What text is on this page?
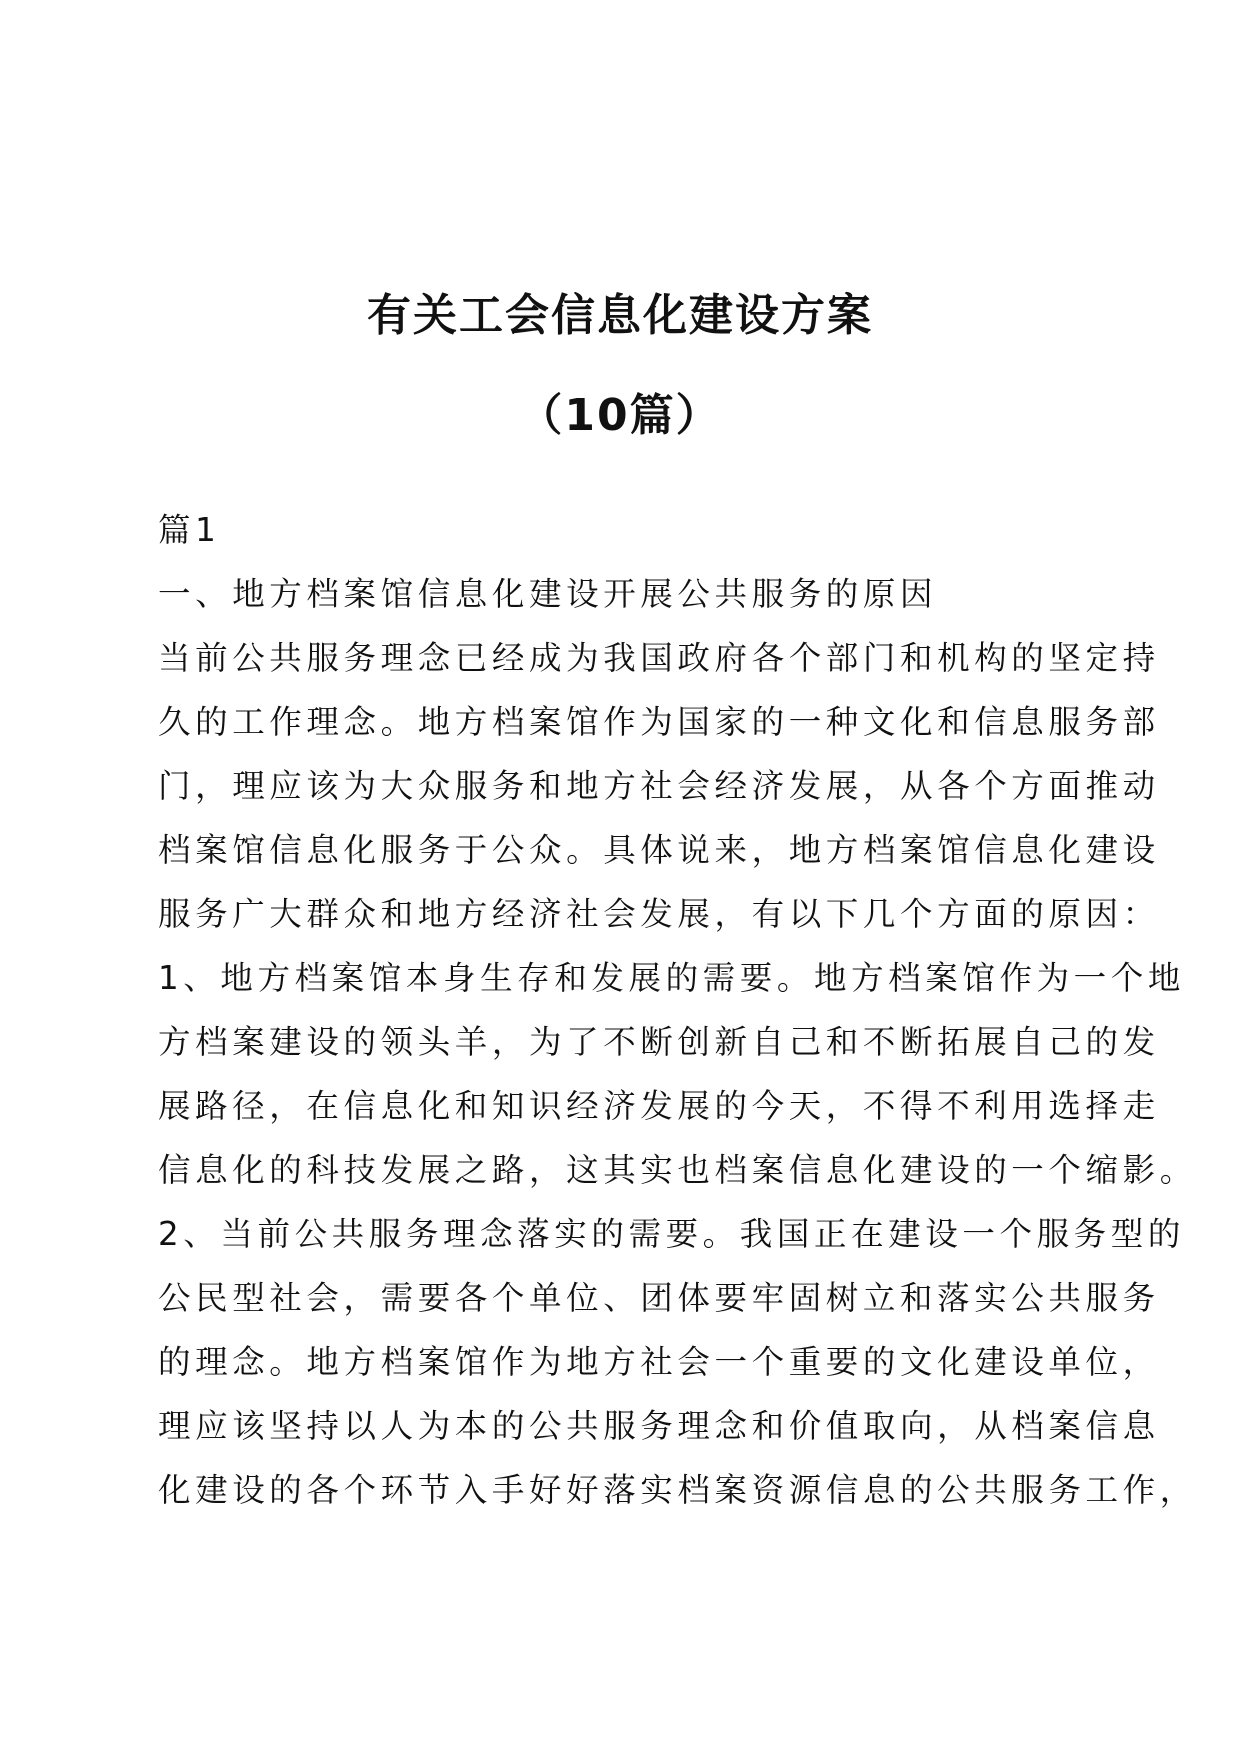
有关工会信息化建设方案
（10篇）
篇1
一、地方档案馆信息化建设开展公共服务的原因
当前公共服务理念已经成为我国政府各个部门和机构的坚定持
久的工作理念。地方档案馆作为国家的一种文化和信息服务部
门，理应该为大众服务和地方社会经济发展，从各个方面推动
档案馆信息化服务于公众。具体说来，地方档案馆信息化建设
服务广大群众和地方经济社会发展，有以下几个方面的原因：
1、地方档案馆本身生存和发展的需要。地方档案馆作为一个地
方档案建设的领头羊，为了不断创新自己和不断拓展自己的发
展路径，在信息化和知识经济发展的今天，不得不利用选择走
信息化的科技发展之路，这其实也档案信息化建设的一个缩影。
2、当前公共服务理念落实的需要。我国正在建设一个服务型的
公民型社会，需要各个单位、团体要牢固树立和落实公共服务
的理念。地方档案馆作为地方社会一个重要的文化建设单位，
理应该坚持以人为本的公共服务理念和价值取向，从档案信息
化建设的各个环节入手好好落实档案资源信息的公共服务工作，
